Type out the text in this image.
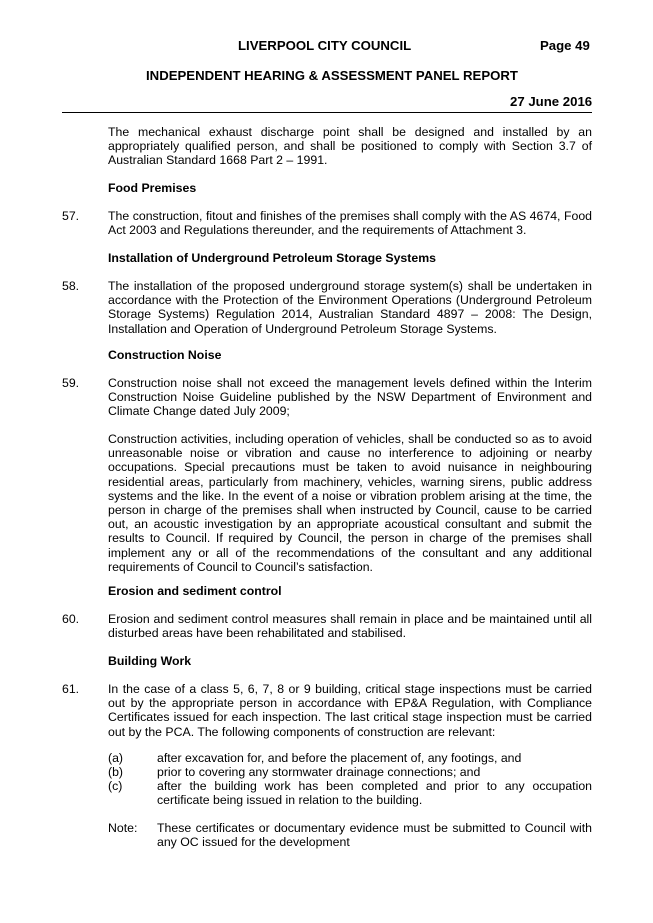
LIVERPOOL CITY COUNCIL	Page 49
INDEPENDENT HEARING & ASSESSMENT PANEL REPORT
27 June 2016
The mechanical exhaust discharge point shall be designed and installed by an appropriately qualified person, and shall be positioned to comply with Section 3.7 of Australian Standard 1668 Part 2 – 1991.
Food Premises
57. The construction, fitout and finishes of the premises shall comply with the AS 4674, Food Act 2003 and Regulations thereunder, and the requirements of Attachment 3.
Installation of Underground Petroleum Storage Systems
58. The installation of the proposed underground storage system(s) shall be undertaken in accordance with the Protection of the Environment Operations (Underground Petroleum Storage Systems) Regulation 2014, Australian Standard 4897 – 2008: The Design, Installation and Operation of Underground Petroleum Storage Systems.
Construction Noise
59. Construction noise shall not exceed the management levels defined within the Interim Construction Noise Guideline published by the NSW Department of Environment and Climate Change dated July 2009;
Construction activities, including operation of vehicles, shall be conducted so as to avoid unreasonable noise or vibration and cause no interference to adjoining or nearby occupations. Special precautions must be taken to avoid nuisance in neighbouring residential areas, particularly from machinery, vehicles, warning sirens, public address systems and the like. In the event of a noise or vibration problem arising at the time, the person in charge of the premises shall when instructed by Council, cause to be carried out, an acoustic investigation by an appropriate acoustical consultant and submit the results to Council. If required by Council, the person in charge of the premises shall implement any or all of the recommendations of the consultant and any additional requirements of Council to Council’s satisfaction.
Erosion and sediment control
60. Erosion and sediment control measures shall remain in place and be maintained until all disturbed areas have been rehabilitated and stabilised.
Building Work
61. In the case of a class 5, 6, 7, 8 or 9 building, critical stage inspections must be carried out by the appropriate person in accordance with EP&A Regulation, with Compliance Certificates issued for each inspection. The last critical stage inspection must be carried out by the PCA. The following components of construction are relevant:
(a)	after excavation for, and before the placement of, any footings, and
(b)	prior to covering any stormwater drainage connections; and
(c)	after the building work has been completed and prior to any occupation certificate being issued in relation to the building.
Note: These certificates or documentary evidence must be submitted to Council with any OC issued for the development
